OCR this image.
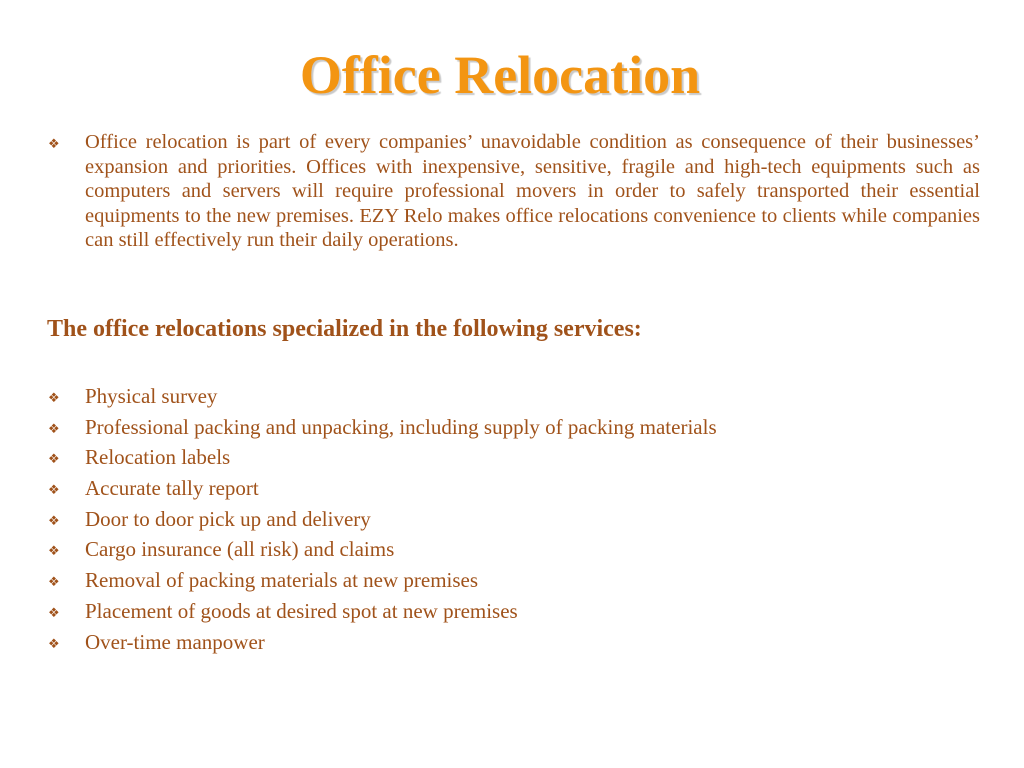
Office Relocation
❖	Office relocation is part of every companies’ unavoidable condition as consequence of their businesses’ expansion and priorities. Offices with inexpensive, sensitive, fragile and high-tech equipments such as computers and servers will require professional movers in order to safely transported their essential equipments to the new premises. EZY Relo makes office relocations convenience to clients while companies can still effectively run their daily operations.
The office relocations specialized in the following services:
❖	Physical survey
❖	Professional packing and unpacking, including supply of packing materials
❖	Relocation labels
❖	Accurate tally report
❖	Door to door pick up and delivery
❖	Cargo insurance (all risk) and claims
❖	Removal of packing materials at new premises
❖	Placement of goods at desired spot at new premises
❖	Over-time manpower
